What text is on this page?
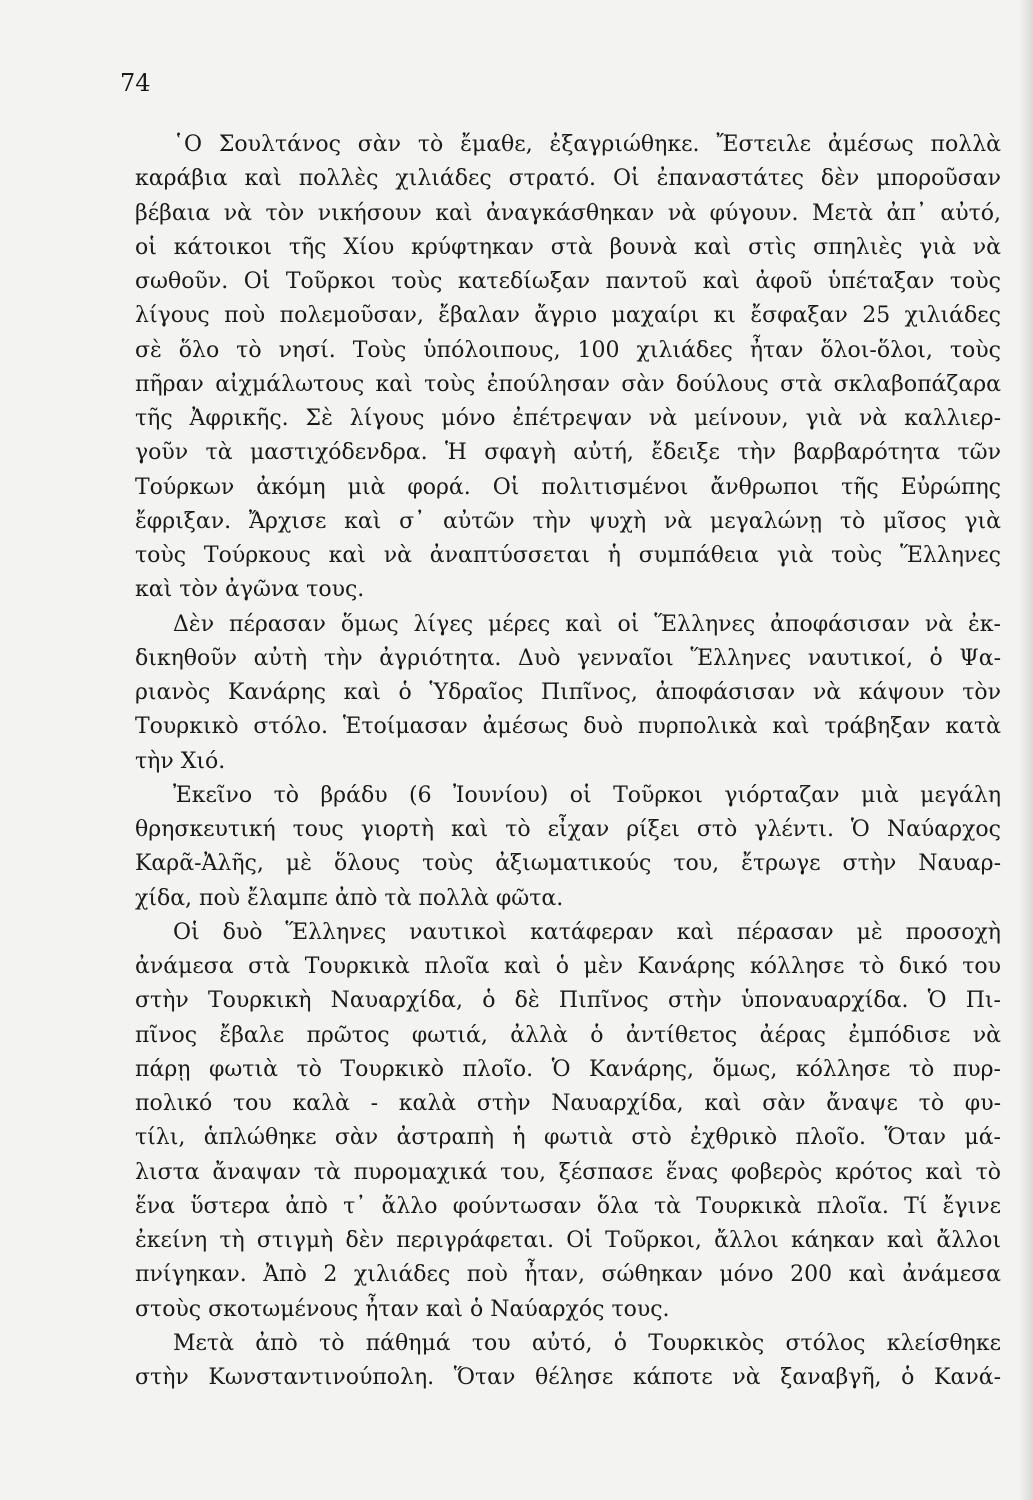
74
῾Ο Σουλτάνος σὰν τὸ ἔμαθε, ἐξαγριώθηκε. Ἔστειλε ἀμέσως πολλὰ
καράβια καὶ πολλὲς χιλιάδες στρατό. Οἱ ἐπαναστάτες δὲν μποροῦσαν
βέβαια νὰ τὸν νικήσουν καὶ ἀναγκάσθηκαν νὰ φύγουν. Μετὰ ἀπ᾿ αὐτό,
οἱ κάτοικοι τῆς Χίου κρύφτηκαν στὰ βουνὰ καὶ στὶς σπηλιὲς γιὰ νὰ
σωθοῦν. Οἱ Τοῦρκοι τοὺς κατεδίωξαν παντοῦ καὶ ἀφοῦ ὑπέταξαν τοὺς
λίγους ποὺ πολεμοῦσαν, ἔβαλαν ἄγριο μαχαίρι κι ἔσφαξαν 25 χιλιάδες
σὲ ὅλο τὸ νησί. Τοὺς ὑπόλοιπους, 100 χιλιάδες ἦταν ὅλοι-ὅλοι, τοὺς
πῆραν αἰχμάλωτους καὶ τοὺς ἐπούλησαν σὰν δούλους στὰ σκλαβοπάζαρα
τῆς Ἀφρικῆς. Σὲ λίγους μόνο ἐπέτρεψαν νὰ μείνουν, γιὰ νὰ καλλιερ-
γοῦν τὰ μαστιχόδενδρα. Ἡ σφαγὴ αὐτή, ἔδειξε τὴν βαρβαρότητα τῶν
Τούρκων ἀκόμη μιὰ φορά. Οἱ πολιτισμένοι ἄνθρωποι τῆς Εὐρώπης
ἔφριξαν. Ἄρχισε καὶ σ᾿ αὐτῶν τὴν ψυχὴ νὰ μεγαλώνῃ τὸ μῖσος γιὰ
τοὺς Τούρκους καὶ νὰ ἀναπτύσσεται ἡ συμπάθεια γιὰ τοὺς Ἕλληνες
καὶ τὸν ἀγῶνα τους.
Δὲν πέρασαν ὅμως λίγες μέρες καὶ οἱ Ἕλληνες ἀποφάσισαν νὰ ἐκ-
δικηθοῦν αὐτὴ τὴν ἀγριότητα. Δυὸ γενναῖοι Ἕλληνες ναυτικοί, ὁ Ψα-
ριανὸς Κανάρης καὶ ὁ Ὑδραῖος Πιπῖνος, ἀποφάσισαν νὰ κάψουν τὸν
Τουρκικὸ στόλο. Ἑτοίμασαν ἀμέσως δυὸ πυρπολικὰ καὶ τράβηξαν κατὰ
τὴν Χιό.
Ἐκεῖνο τὸ βράδυ (6 Ἰουνίου) οἱ Τοῦρκοι γιόρταζαν μιὰ μεγάλη
θρησκευτική τους γιορτὴ καὶ τὸ εἶχαν ρίξει στὸ γλέντι. Ὁ Ναύαρχος
Καρᾶ-Ἀλῆς, μὲ ὅλους τοὺς ἀξιωματικούς του, ἔτρωγε στὴν Ναυαρ-
χίδα, ποὺ ἔλαμπε ἀπὸ τὰ πολλὰ φῶτα.
Οἱ δυὸ Ἕλληνες ναυτικοὶ κατάφεραν καὶ πέρασαν μὲ προσοχὴ
ἀνάμεσα στὰ Τουρκικὰ πλοῖα καὶ ὁ μὲν Κανάρης κόλλησε τὸ δικό του
στὴν Τουρκικὴ Ναυαρχίδα, ὁ δὲ Πιπῖνος στὴν ὑποναυαρχίδα. Ὁ Πι-
πῖνος ἔβαλε πρῶτος φωτιά, ἀλλὰ ὁ ἀντίθετος ἀέρας ἐμπόδισε νὰ
πάρῃ φωτιὰ τὸ Τουρκικὸ πλοῖο. Ὁ Κανάρης, ὅμως, κόλλησε τὸ πυρ-
πολικό του καλὰ - καλὰ στὴν Ναυαρχίδα, καὶ σὰν ἄναψε τὸ φυ-
τίλι, ἁπλώθηκε σὰν ἀστραπὴ ἡ φωτιὰ στὸ ἐχθρικὸ πλοῖο. Ὅταν μά-
λιστα ἄναψαν τὰ πυρομαχικά του, ξέσπασε ἕνας φοβερὸς κρότος καὶ τὸ
ἕνα ὕστερα ἀπὸ τ᾿ ἄλλο φούντωσαν ὅλα τὰ Τουρκικὰ πλοῖα. Τί ἔγινε
ἐκείνη τὴ στιγμὴ δὲν περιγράφεται. Οἱ Τοῦρκοι, ἄλλοι κάηκαν καὶ ἄλλοι
πνίγηκαν. Ἀπὸ 2 χιλιάδες ποὺ ἦταν, σώθηκαν μόνο 200 καὶ ἀνάμεσα
στοὺς σκοτωμένους ἦταν καὶ ὁ Ναύαρχός τους.
Μετὰ ἀπὸ τὸ πάθημά του αὐτό, ὁ Τουρκικὸς στόλος κλείσθηκε
στὴν Κωνσταντινούπολη. Ὅταν θέλησε κάποτε νὰ ξαναβγῆ, ὁ Κανά-
